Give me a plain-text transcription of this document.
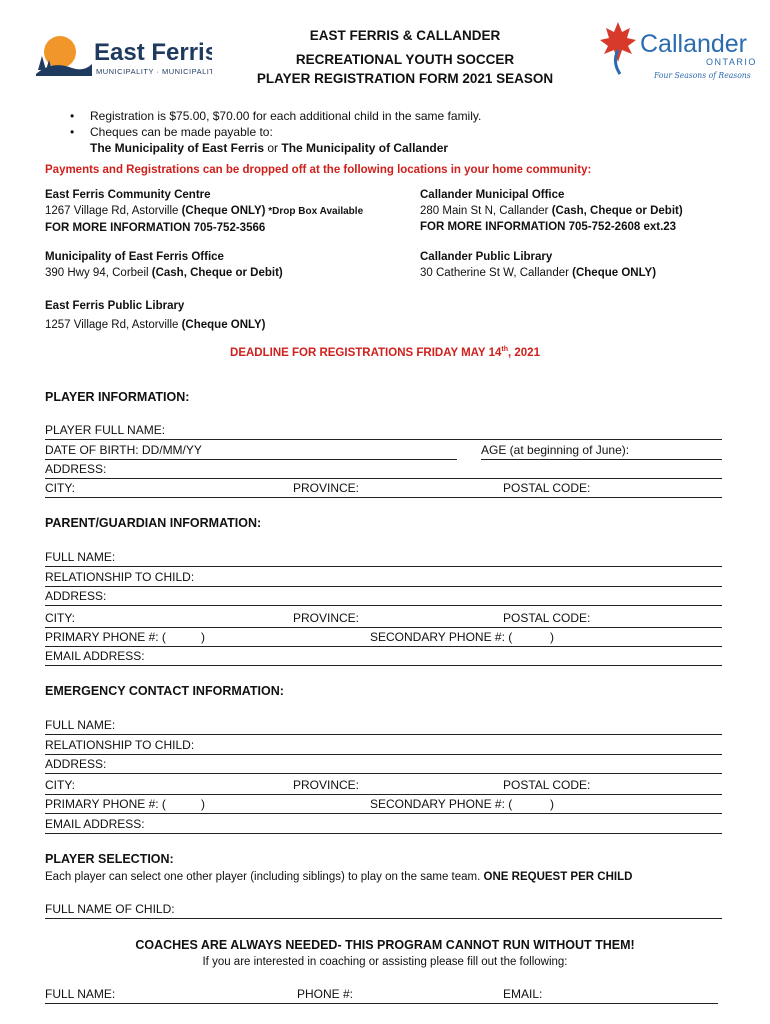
East Ferris
MUNICIPALITY · MUNICIPALITÉ
Callander
ONTARIO
Four Seasons of Reasons
EAST FERRIS & CALLANDER
RECREATIONAL YOUTH SOCCER
PLAYER REGISTRATION FORM 2021 SEASON
• Registration is $75.00, $70.00 for each additional child in the same family.
• Cheques can be made payable to:
The Municipality of East Ferris or The Municipality of Callander
Payments and Registrations can be dropped off at the following locations in your home community:
East Ferris Community Centre
1267 Village Rd, Astorville (Cheque ONLY) *Drop Box Available
FOR MORE INFORMATION 705-752-3566
Callander Municipal Office
280 Main St N, Callander (Cash, Cheque or Debit)
FOR MORE INFORMATION 705-752-2608 ext.23
Municipality of East Ferris Office
390 Hwy 94, Corbeil (Cash, Cheque or Debit)
Callander Public Library
30 Catherine St W, Callander (Cheque ONLY)
East Ferris Public Library
1257 Village Rd, Astorville (Cheque ONLY)
DEADLINE FOR REGISTRATIONS FRIDAY MAY 14th, 2021
PLAYER INFORMATION:
PLAYER FULL NAME:
DATE OF BIRTH: DD/MM/YY	AGE (at beginning of June):
ADDRESS:
CITY:	PROVINCE:	POSTAL CODE:
PARENT/GUARDIAN INFORMATION:
FULL NAME:
RELATIONSHIP TO CHILD:
ADDRESS:
CITY:	PROVINCE:	POSTAL CODE:
PRIMARY PHONE #: (	)	SECONDARY PHONE #: (	)
EMAIL ADDRESS:
EMERGENCY CONTACT INFORMATION:
FULL NAME:
RELATIONSHIP TO CHILD:
ADDRESS:
CITY:	PROVINCE:	POSTAL CODE:
PRIMARY PHONE #: (	)	SECONDARY PHONE #: (	)
EMAIL ADDRESS:
PLAYER SELECTION:
Each player can select one other player (including siblings) to play on the same team. ONE REQUEST PER CHILD
FULL NAME OF CHILD:
COACHES ARE ALWAYS NEEDED- THIS PROGRAM CANNOT RUN WITHOUT THEM!
If you are interested in coaching or assisting please fill out the following:
FULL NAME:	PHONE #:	EMAIL:
